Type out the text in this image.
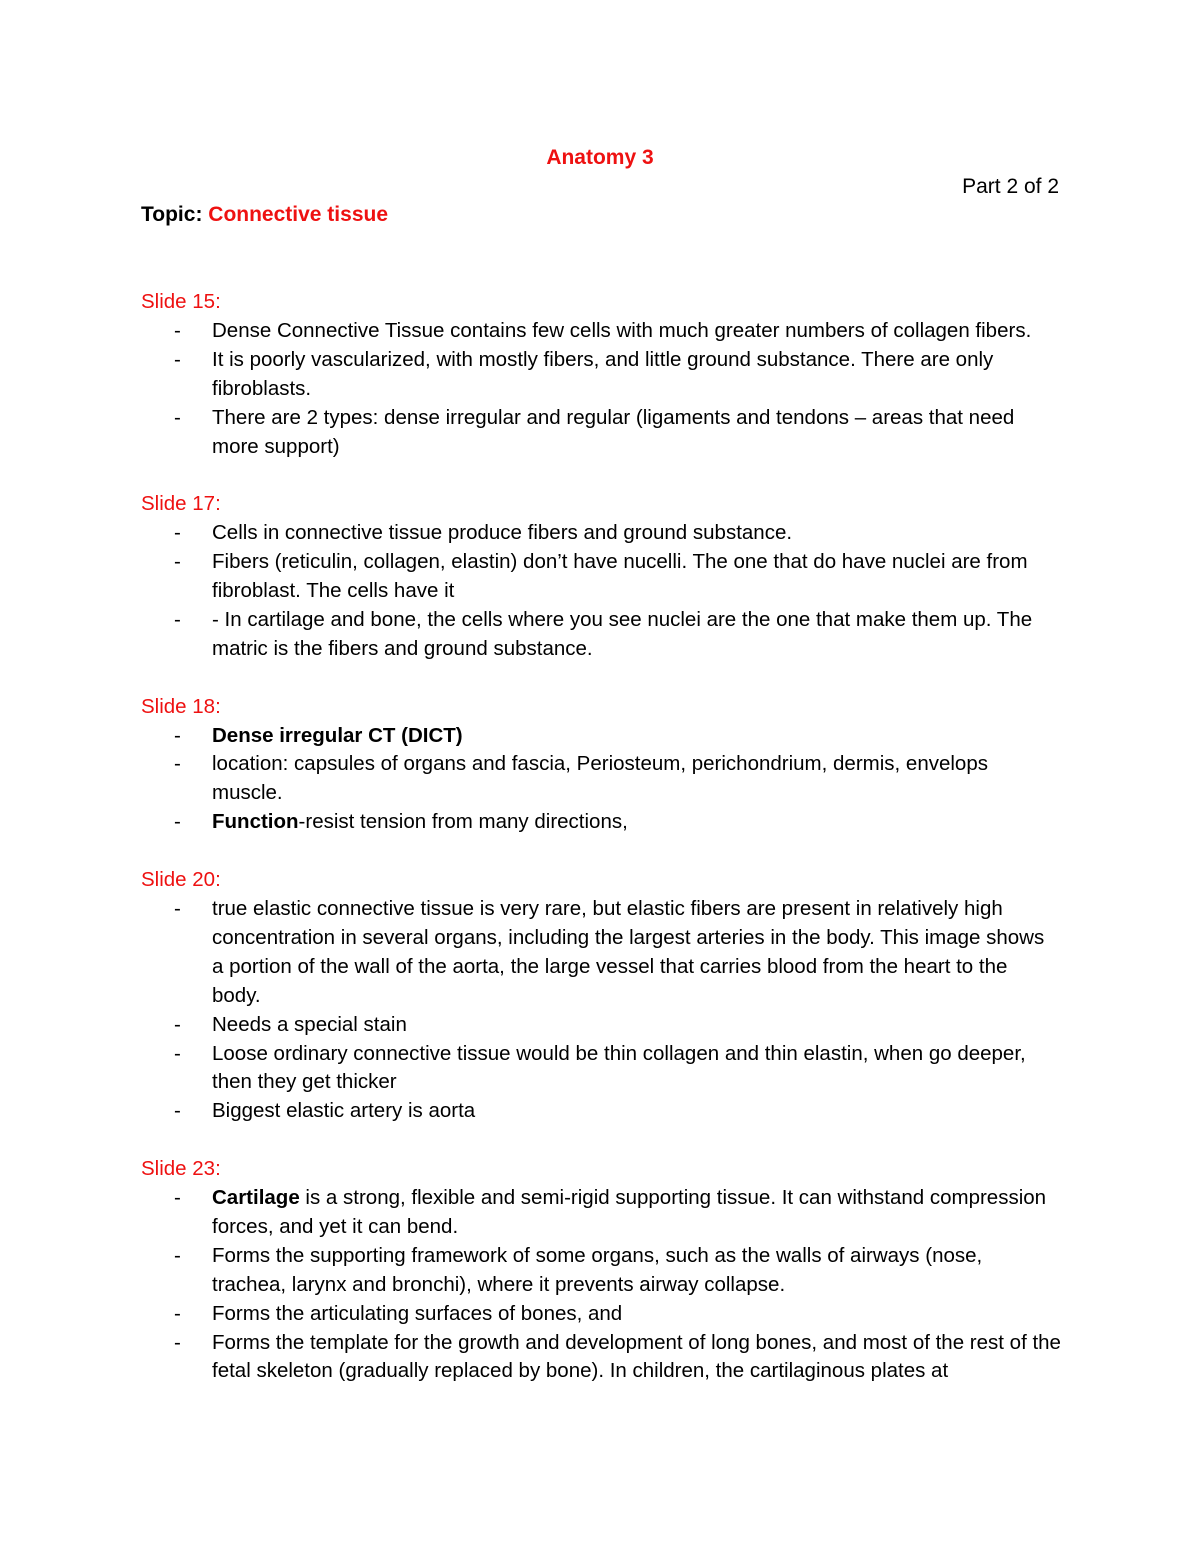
Anatomy 3
Part 2 of 2
Topic: Connective tissue
Slide 15:
- Dense Connective Tissue contains few cells with much greater numbers of collagen fibers.
- It is poorly vascularized, with mostly fibers, and little ground substance. There are only fibroblasts.
- There are 2 types: dense irregular and regular (ligaments and tendons – areas that need more support)
Slide 17:
- Cells in connective tissue produce fibers and ground substance.
- Fibers (reticulin, collagen, elastin) don’t have nucelli. The one that do have nuclei are from fibroblast. The cells have it
- - In cartilage and bone, the cells where you see nuclei are the one that make them up. The matric is the fibers and ground substance.
Slide 18:
- Dense irregular CT (DICT)
- location: capsules of organs and fascia, Periosteum, perichondrium, dermis, envelops muscle.
- Function-resist tension from many directions,
Slide 20:
- true elastic connective tissue is very rare, but elastic fibers are present in relatively high concentration in several organs, including the largest arteries in the body. This image shows a portion of the wall of the aorta, the large vessel that carries blood from the heart to the body.
- Needs a special stain
- Loose ordinary connective tissue would be thin collagen and thin elastin, when go deeper, then they get thicker
- Biggest elastic artery is aorta
Slide 23:
- Cartilage is a strong, flexible and semi-rigid supporting tissue. It can withstand compression forces, and yet it can bend.
- Forms the supporting framework of some organs, such as the walls of airways (nose, trachea, larynx and bronchi), where it prevents airway collapse.
- Forms the articulating surfaces of bones, and
- Forms the template for the growth and development of long bones, and most of the rest of the fetal skeleton (gradually replaced by bone). In children, the cartilaginous plates at
